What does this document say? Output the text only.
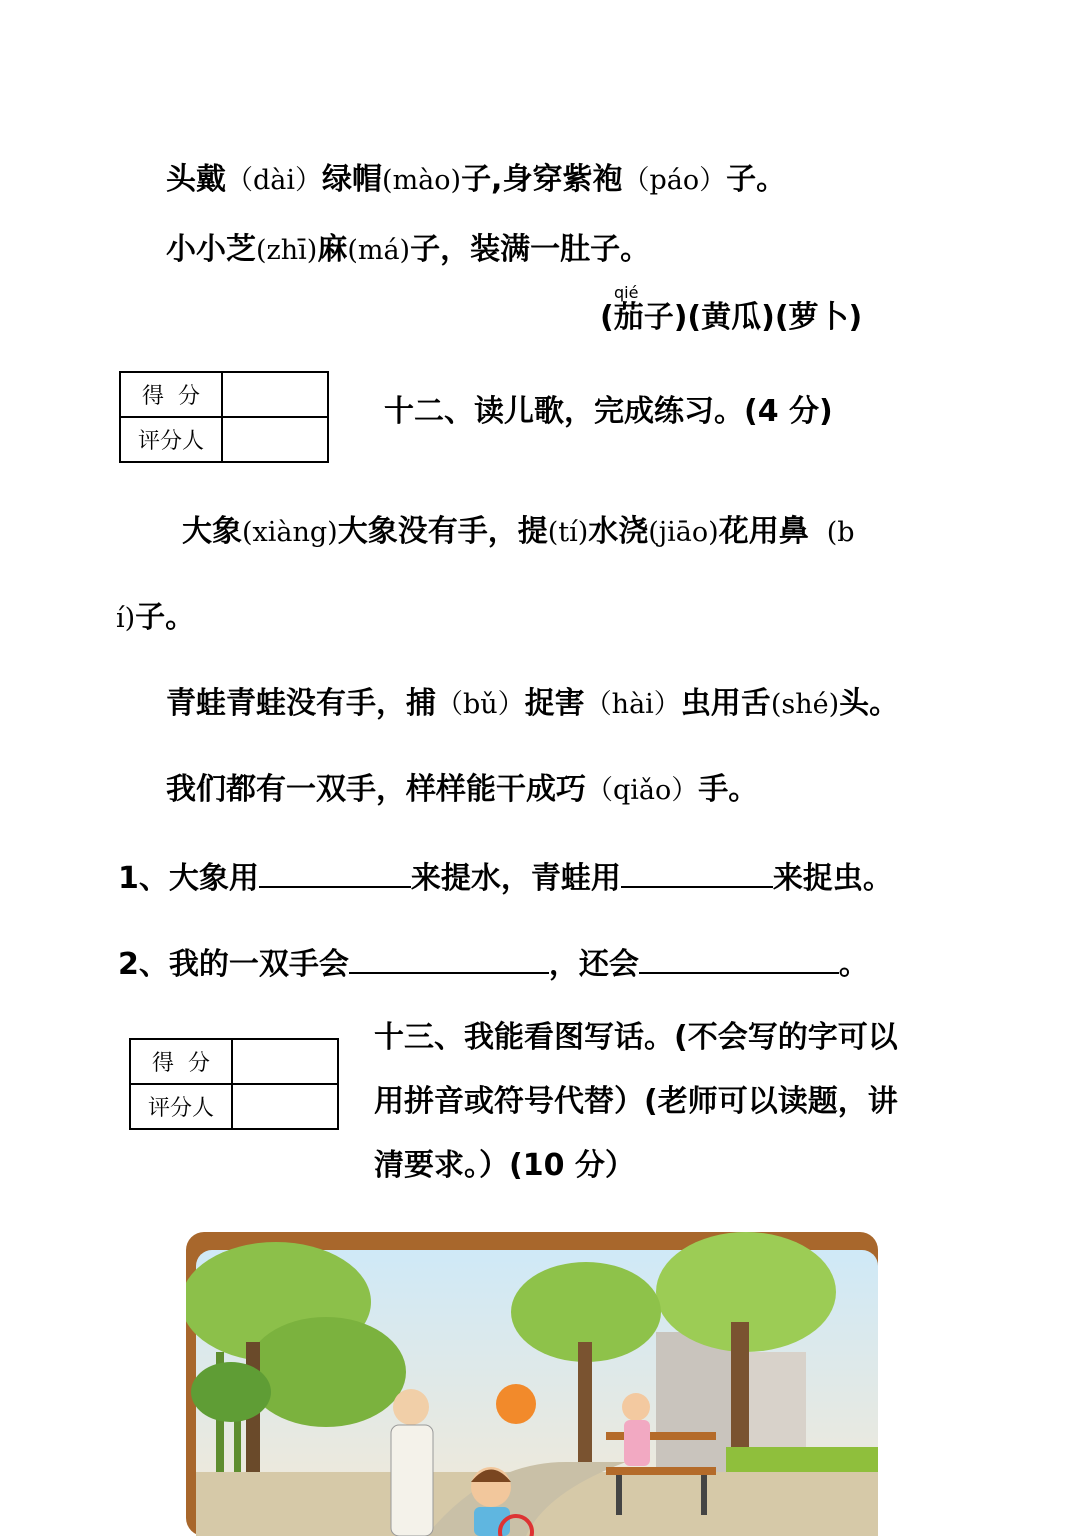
头戴（dài）绿帽(mào)子,身穿紫袍（páo）子。
小小芝(zhī)麻(má)子，装满一肚子。
qié
(茄子)(黄瓜)(萝卜)
得  分	
评分人	
十二、读儿歌，完成练习。(4 分)
大象(xiàng)大象没有手，提(tí)水浇(jiāo)花用鼻 (b
í)子。
青蛙青蛙没有手，捕（bǔ）捉害（hài）虫用舌(shé)头。
我们都有一双手，样样能干成巧（qiǎo）手。
1、大象用	来提水，青蛙用	来捉虫。
2、我的一双手会	，还会	。
得  分	
评分人	
十三、我能看图写话。(不会写的字可以
用拼音或符号代替）(老师可以读题，讲
清要求。）(10 分）
